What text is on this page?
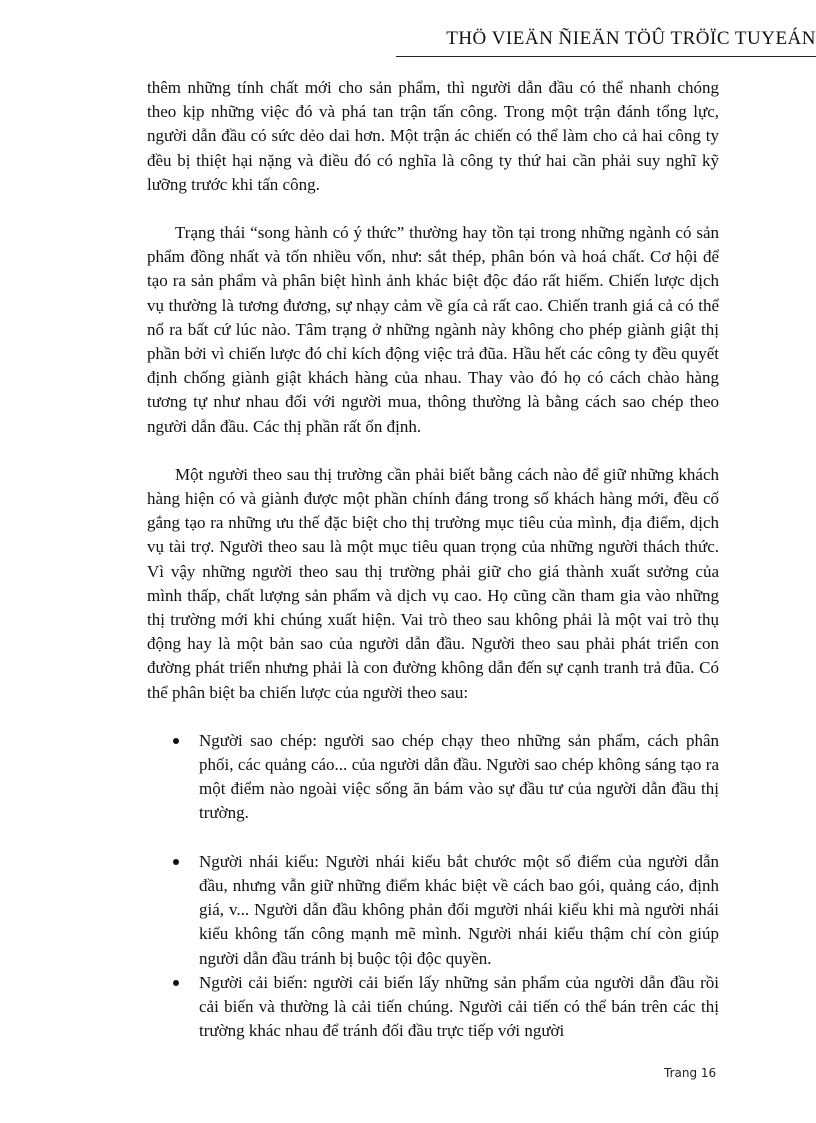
THÖ VIEÄN ÑIEÄN TÖÛ TRÖÏC TUYEÁN

thêm những tính chất mới cho sản phẩm, thì người dẫn đầu có thể nhanh chóng theo kịp những việc đó và phá tan trận tấn công. Trong một trận đánh tổng lực, người dẫn đầu có sức dẻo dai hơn. Một trận ác chiến có thể làm cho cả hai công ty đều bị thiệt hại nặng và điều đó có nghĩa là công ty thứ hai cần phải suy nghĩ kỹ lưỡng trước khi tấn công.

Trạng thái “song hành có ý thức” thường hay tồn tại trong những ngành có sản phẩm đồng nhất và tốn nhiều vốn, như: sắt thép, phân bón và hoá chất. Cơ hội để tạo ra sản phẩm và phân biệt hình ảnh khác biệt độc đáo rất hiếm. Chiến lược dịch vụ thường là tương đương, sự nhạy cảm về gía cả rất cao. Chiến tranh giá cả có thể nổ ra bất cứ lúc nào. Tâm trạng ở những ngành này không cho phép giành giật thị phần bởi vì chiến lược đó chỉ kích động việc trả đũa. Hầu hết các công ty đều quyết định chống giành giật khách hàng của nhau. Thay vào đó họ có cách chào hàng tương tự như nhau đối với người mua, thông thường là bằng cách sao chép theo người dẫn đầu. Các thị phần rất ổn định.

Một người theo sau thị trường cần phải biết bằng cách nào để giữ những khách hàng hiện có và giành được một phần chính đáng trong số khách hàng mới, đều cố gắng tạo ra những ưu thế đặc biệt cho thị trường mục tiêu của mình, địa điểm, dịch vụ tài trợ. Người theo sau là một mục tiêu quan trọng của những người thách thức. Vì vậy những người theo sau thị trường phải giữ cho giá thành xuất sưởng của mình thấp, chất lượng sản phẩm và dịch vụ cao. Họ cũng cần tham gia vào những thị trường mới khi chúng xuất hiện. Vai trò theo sau không phải là một vai trò thụ động hay là một bản sao của người dẫn đầu. Người theo sau phải phát triển con đường phát triển nhưng phải là con đường không dẫn đến sự cạnh tranh trả đũa. Có thể phân biệt ba chiến lược của người theo sau:

Người sao chép: người sao chép chạy theo những sản phẩm, cách phân phối, các quảng cáo... của người dẫn đầu. Người sao chép không sáng tạo ra một điểm nào ngoài việc sống ăn bám vào sự đầu tư của người dẫn đầu thị trường.
Người nhái kiểu: Người nhái kiểu bắt chước một số điểm của người dẫn đầu, nhưng vẫn giữ những điểm khác biệt về cách bao gói, quảng cáo, định giá, v... Người dẫn đầu không phản đối mgười nhái kiểu khi mà người nhái kiểu không tấn công mạnh mẽ mình. Người nhái kiểu thậm chí còn giúp người dẫn đầu tránh bị buộc tội độc quyền.
Người cải biến: người cải biến lấy những sản phẩm của người dẫn đầu rồi cải biến và thường là cải tiến chúng. Người cải tiến có thể bán trên các thị trường khác nhau để tránh đối đầu trực tiếp với người
Trang 16
